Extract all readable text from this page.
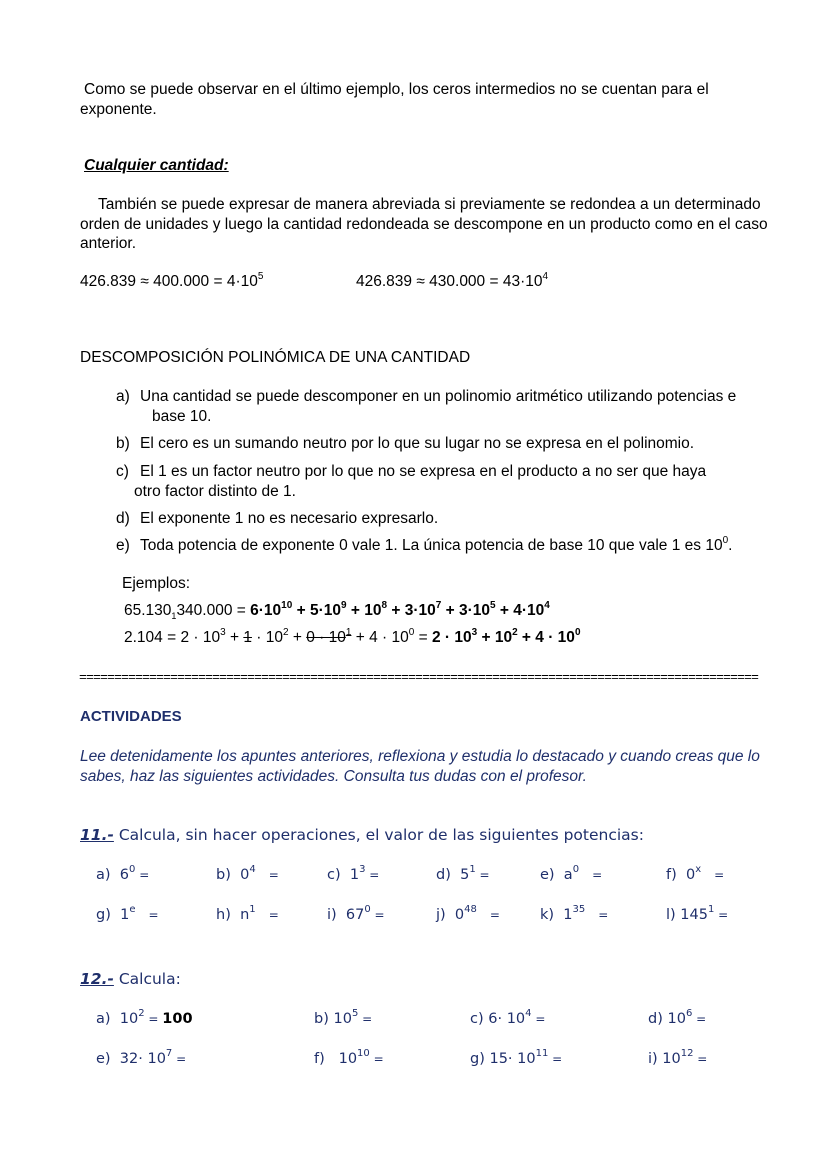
Como se puede observar en el último ejemplo, los ceros intermedios no se cuentan para el exponente.
Cualquier cantidad:
También se puede expresar de manera abreviada si previamente se redondea a un determinado orden de unidades y luego la cantidad redondeada se descompone en un producto como en el caso anterior.
$426.839 \approx 400.000 = 4\cdot 10^5$	$426.839 \approx 430.000 = 43\cdot 10^4$
DESCOMPOSICIÓN POLINÓMICA DE UNA CANTIDAD
a) Una cantidad se puede descomponer en un polinomio aritmético utilizando potencias e
base 10.
b) El cero es un sumando neutro por lo que su lugar no se expresa en el polinomio.
c) El 1 es un factor neutro por lo que no se expresa en el producto a no ser que haya
otro factor distinto de 1.
d) El exponente 1 no es necesario expresarlo.
e) Toda potencia de exponente 0 vale 1. La única potencia de base 10 que vale 1 es $10^0$.
Ejemplos:
$65.130_1340.000 = 6\cdot 10^{10} + 5\cdot 10^9 + 10^8 + 3\cdot 10^7 + 3\cdot 10^5 + 4\cdot 10^4$
$2.104 = 2 \cdot 10^3 + 1 \cdot 10^2 + 0 \cdot 10^1 + 4 \cdot 10^0 = 2 \cdot 10^3 + 10^2 + 4 \cdot 10^0$
=================================================================================================
ACTIVIDADES
Lee detenidamente los apuntes anteriores, reflexiona y estudia lo destacado y cuando creas que lo sabes, haz las siguientes actividades. Consulta tus dudas con el profesor.
11.- Calcula, sin hacer operaciones, el valor de las siguientes potencias:
a) $6^0$ =	b) $0^4$   =	c) $1^3$ =	d) $5^1$ =	e) $a^0$   =	f) 0$^x$   =
g) 1e   =	h) $n^1$   =	i) $67^0$ =	j) $0^{48}$   =	k) $1^{35}$   =	l) $145^1$ =
12.- Calcula:
a) $10^2 = 100$	b) $10^5$ =	c) $6\cdot 10^4$ =	d) $10^6$ =
e) $32\cdot 10^7$ =	f) $10^{10}$ =	g) $15\cdot 10^{11}$ =	i) $10^{12}$ =
